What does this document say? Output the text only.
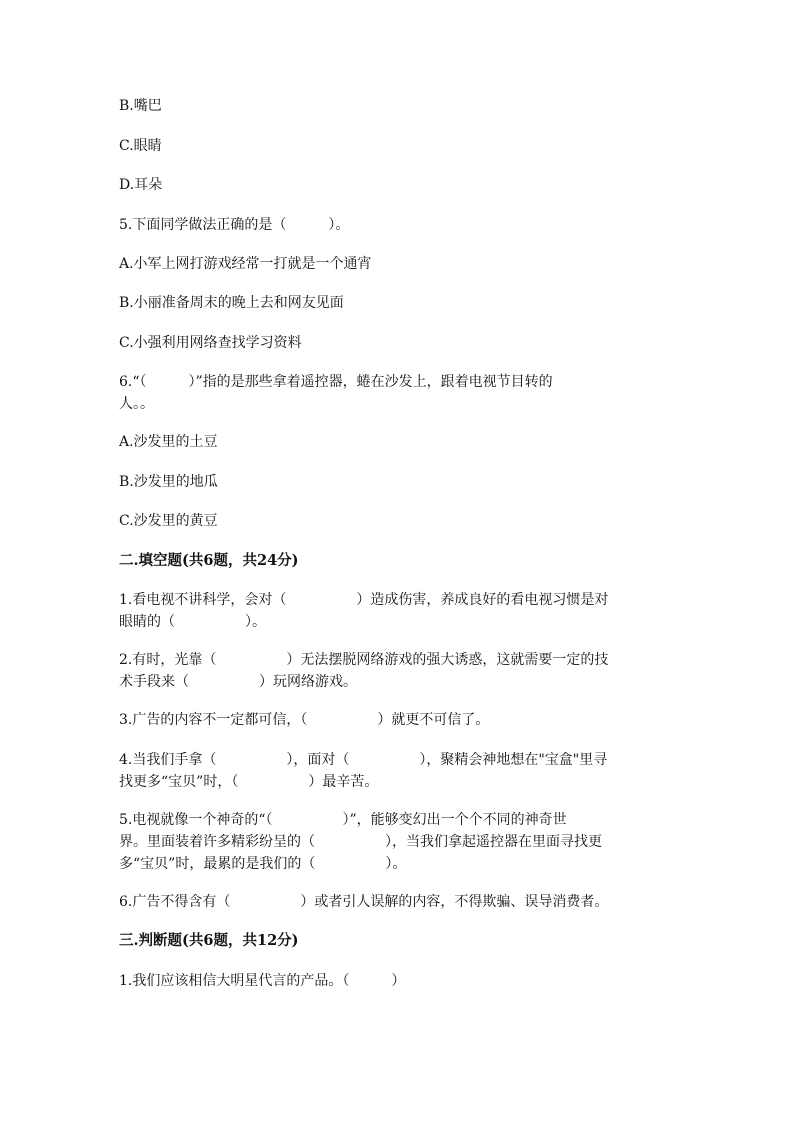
B.嘴巴
C.眼睛
D.耳朵
5.下面同学做法正确的是（　　　）。
A.小军上网打游戏经常一打就是一个通宵
B.小丽准备周末的晚上去和网友见面
C.小强利用网络查找学习资料
6.“（　　　）”指的是那些拿着遥控器，蜷在沙发上，跟着电视节目转的
人。。
A.沙发里的土豆
B.沙发里的地瓜
C.沙发里的黄豆
二.填空题(共6题，共24分)
1.看电视不讲科学，会对（　　　　　）造成伤害，养成良好的看电视习惯是对
眼睛的（　　　　　）。
2.有时，光靠（　　　　　）无法摆脱网络游戏的强大诱惑，这就需要一定的技
术手段来（　　　　　）玩网络游戏。
3.广告的内容不一定都可信，（　　　　　）就更不可信了。
4.当我们手拿（　　　　　），面对（　　　　　），聚精会神地想在"宝盒"里寻
找更多“宝贝”时，（　　　　　）最辛苦。
5.电视就像一个神奇的“（　　　　　）”，能够变幻出一个个不同的神奇世
界。里面装着许多精彩纷呈的（　　　　　），当我们拿起遥控器在里面寻找更
多“宝贝”时，最累的是我们的（　　　　　）。
6.广告不得含有（　　　　　）或者引人误解的内容，不得欺骗、误导消费者。
三.判断题(共6题，共12分)
1.我们应该相信大明星代言的产品。（　　　）
